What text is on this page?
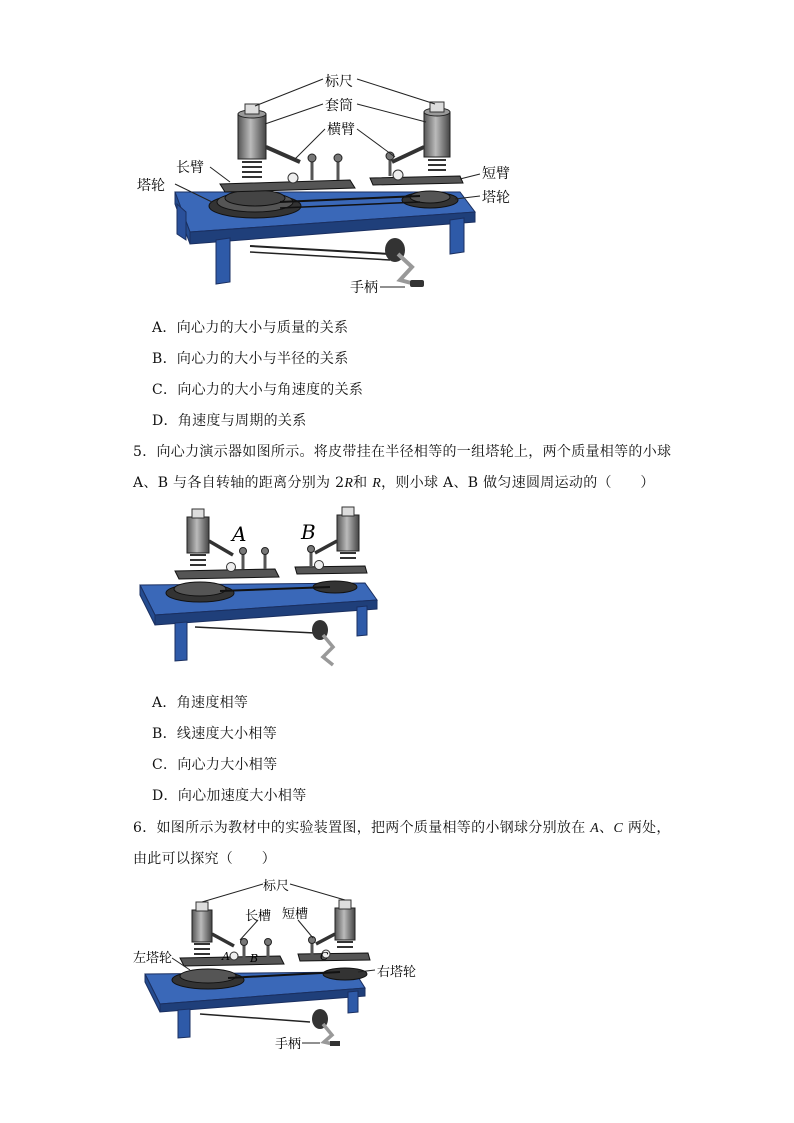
标尺
套筒
横臂
长臂	短臂
塔轮
塔轮
手柄
A．向心力的大小与质量的关系
B．向心力的大小与半径的关系
C．向心力的大小与角速度的关系
D．角速度与周期的关系
5．向心力演示器如图所示。将皮带挂在半径相等的一组塔轮上，两个质量相等的小球
A、B 与各自转轴的距离分别为 2R和 R，则小球 A、B 做匀速圆周运动的（　　）
A	B
A．角速度相等
B．线速度大小相等
C．向心力大小相等
D．向心加速度大小相等
6．如图所示为教材中的实验装置图，把两个质量相等的小钢球分别放在 A、C 两处，
由此可以探究（　　）
标尺
长槽 短槽
左塔轮
右塔轮
手柄
A B	C
